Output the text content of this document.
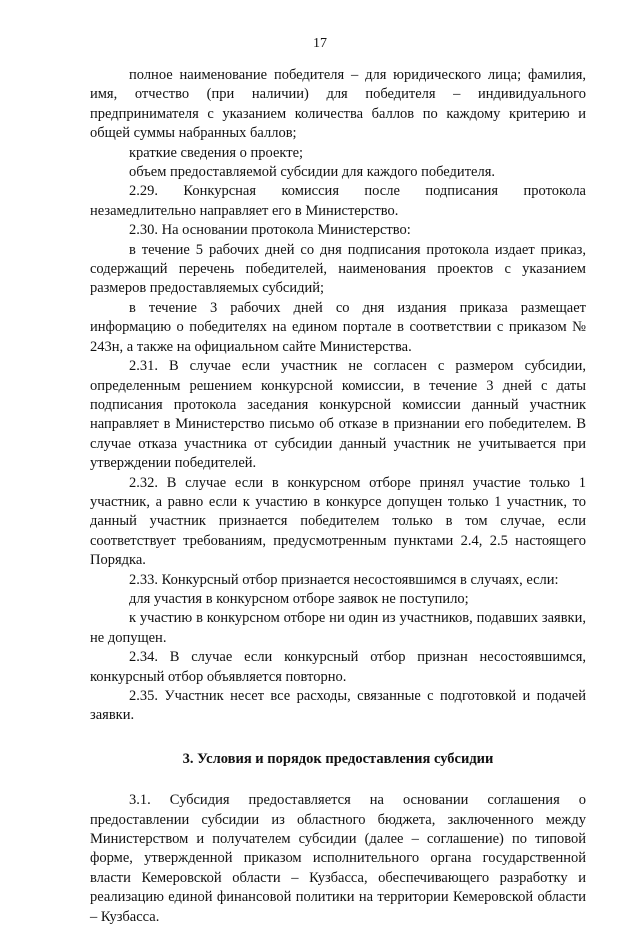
17

полное наименование победителя – для юридического лица; фамилия, имя, отчество (при наличии) для победителя – индивидуального предпринимателя с указанием количества баллов по каждому критерию и общей суммы набранных баллов;

краткие сведения о проекте;

объем предоставляемой субсидии для каждого победителя.

2.29. Конкурсная комиссия после подписания протокола незамедлительно направляет его в Министерство.

2.30. На основании протокола Министерство:

в течение 5 рабочих дней со дня подписания протокола издает приказ, содержащий перечень победителей, наименования проектов с указанием размеров предоставляемых субсидий;

в течение 3 рабочих дней со дня издания приказа размещает информацию о победителях на едином портале в соответствии с приказом № 243н, а также на официальном сайте Министерства.

2.31. В случае если участник не согласен с размером субсидии, определенным решением конкурсной комиссии, в течение 3 дней с даты подписания протокола заседания конкурсной комиссии данный участник направляет в Министерство письмо об отказе в признании его победителем. В случае отказа участника от субсидии данный участник не учитывается при утверждении победителей.

2.32. В случае если в конкурсном отборе принял участие только 1 участник, а равно если к участию в конкурсе допущен только 1 участник, то данный участник признается победителем только в том случае, если соответствует требованиям, предусмотренным пунктами 2.4, 2.5 настоящего Порядка.

2.33. Конкурсный отбор признается несостоявшимся в случаях, если:

для участия в конкурсном отборе заявок не поступило;

к участию в конкурсном отборе ни один из участников, подавших заявки, не допущен.

2.34. В случае если конкурсный отбор признан несостоявшимся, конкурсный отбор объявляется повторно.

2.35. Участник несет все расходы, связанные с подготовкой и подачей заявки.

3. Условия и порядок предоставления субсидии

3.1. Субсидия предоставляется на основании соглашения о предоставлении субсидии из областного бюджета, заключенного между Министерством и получателем субсидии (далее – соглашение) по типовой форме, утвержденной приказом исполнительного органа государственной власти Кемеровской области – Кузбасса, обеспечивающего разработку и реализацию единой финансовой политики на территории Кемеровской области – Кузбасса.
